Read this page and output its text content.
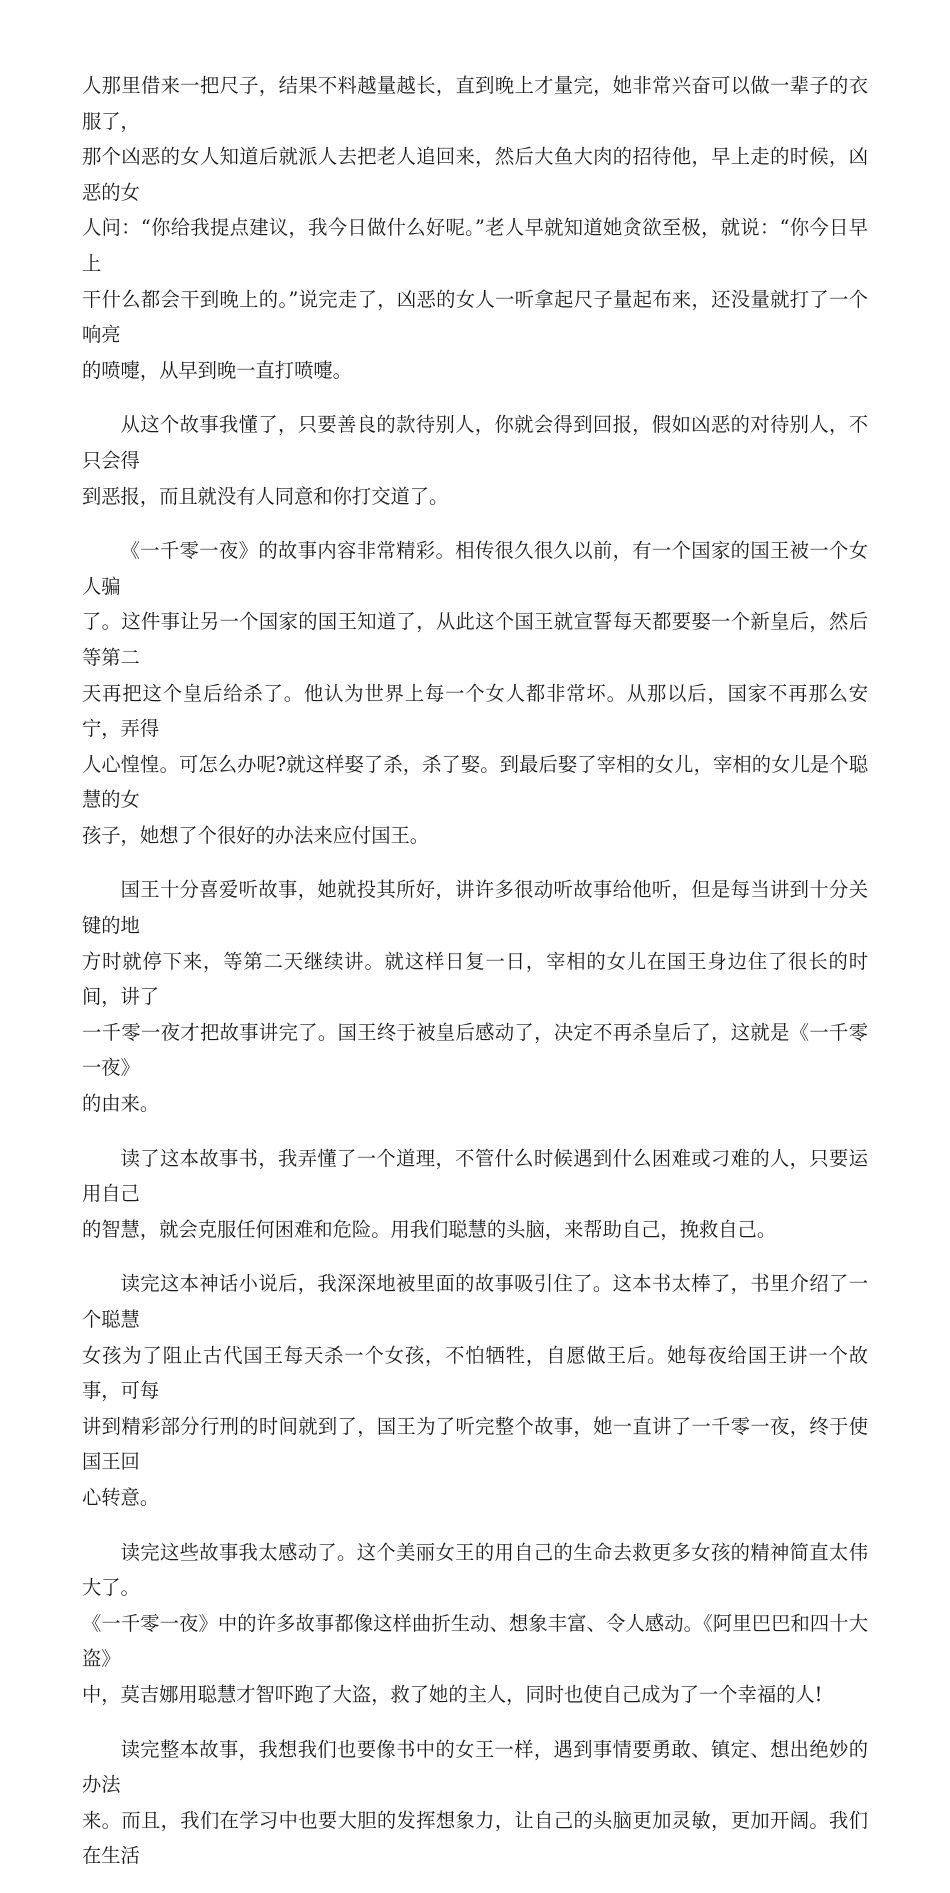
人那里借来一把尺子，结果不料越量越长，直到晚上才量完，她非常兴奋可以做一辈子的衣服了，
那个凶恶的女人知道后就派人去把老人追回来，然后大鱼大肉的招待他，早上走的时候，凶恶的女
人问：“你给我提点建议，我今日做什么好呢。”老人早就知道她贪欲至极，就说：“你今日早上
干什么都会干到晚上的。”说完走了，凶恶的女人一听拿起尺子量起布来，还没量就打了一个响亮
的喷嚏，从早到晚一直打喷嚏。

从这个故事我懂了，只要善良的款待别人，你就会得到回报，假如凶恶的对待别人，不只会得
到恶报，而且就没有人同意和你打交道了。

《一千零一夜》的故事内容非常精彩。相传很久很久以前，有一个国家的国王被一个女人骗
了。这件事让另一个国家的国王知道了，从此这个国王就宣誓每天都要娶一个新皇后，然后等第二
天再把这个皇后给杀了。他认为世界上每一个女人都非常坏。从那以后，国家不再那么安宁，弄得
人心惶惶。可怎么办呢?就这样娶了杀，杀了娶。到最后娶了宰相的女儿，宰相的女儿是个聪慧的女
孩子，她想了个很好的办法来应付国王。

国王十分喜爱听故事，她就投其所好，讲许多很动听故事给他听，但是每当讲到十分关键的地
方时就停下来，等第二天继续讲。就这样日复一日，宰相的女儿在国王身边住了很长的时间，讲了
一千零一夜才把故事讲完了。国王终于被皇后感动了，决定不再杀皇后了，这就是《一千零一夜》
的由来。

读了这本故事书，我弄懂了一个道理，不管什么时候遇到什么困难或刁难的人，只要运用自己
的智慧，就会克服任何困难和危险。用我们聪慧的头脑，来帮助自己，挽救自己。

读完这本神话小说后，我深深地被里面的故事吸引住了。这本书太棒了，书里介绍了一个聪慧
女孩为了阻止古代国王每天杀一个女孩，不怕牺牲，自愿做王后。她每夜给国王讲一个故事，可每
讲到精彩部分行刑的时间就到了，国王为了听完整个故事，她一直讲了一千零一夜，终于使国王回
心转意。

读完这些故事我太感动了。这个美丽女王的用自己的生命去救更多女孩的精神简直太伟大了。
《一千零一夜》中的许多故事都像这样曲折生动、想象丰富、令人感动。《阿里巴巴和四十大盗》
中，莫吉娜用聪慧才智吓跑了大盗，救了她的主人，同时也使自己成为了一个幸福的人!

读完整本故事，我想我们也要像书中的女王一样，遇到事情要勇敢、镇定、想出绝妙的办法
来。而且，我们在学习中也要大胆的发挥想象力，让自己的头脑更加灵敏，更加开阔。我们在生活
